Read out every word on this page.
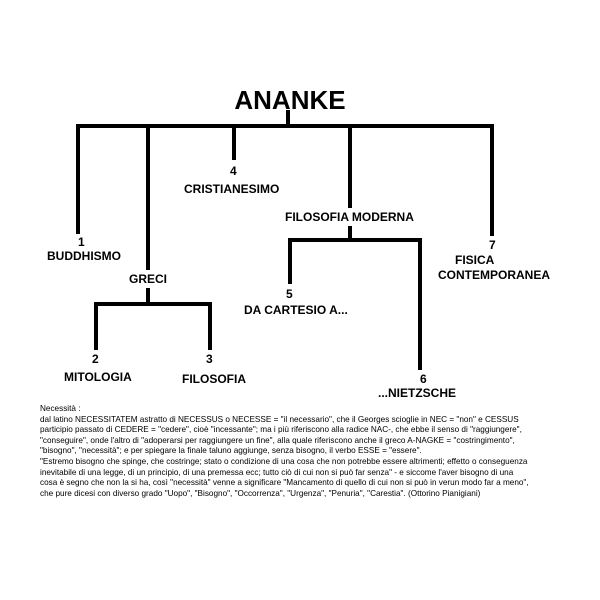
ANANKE
1
BUDDHISMO
GRECI
2
MITOLOGIA
3
FILOSOFIA
4
CRISTIANESIMO
FILOSOFIA MODERNA
5
DA CARTESIO A...
6
...NIETZSCHE
7
FISICA
CONTEMPORANEA

Necessità :

dal latino NECESSITATEM astratto di NECESSUS o NECESSE = "il necessario", che il Georges scioglie in NEC = "non" e CESSUS

participio passato di CEDERE = "cedere", cioè "incessante"; ma i più riferiscono alla radice NAC-, che ebbe il senso di "raggiungere",

"conseguire", onde l'altro di "adoperarsi per raggiungere un fine", alla quale riferiscono anche il greco A-NAGKE = "costringimento",

"bisogno", "necessità"; e per spiegare la finale taluno aggiunge, senza bisogno, il verbo ESSE = "essere".

"Estremo bisogno che spinge, che costringe; stato o condizione di una cosa che non potrebbe essere altrimenti; effetto o conseguenza

inevitabile di una legge, di un principio, di una premessa ecc; tutto ciò di cui non si può far senza" - e siccome l'aver bisogno di una

cosa è segno che non la si ha, così "necessità" venne a significare "Mancamento di quello di cui non si può in verun modo far a meno",

che pure dicesi con diverso grado "Uopo", "Bisogno", "Occorrenza", "Urgenza", "Penuria", "Carestia". (Ottorino Pianigiani)
